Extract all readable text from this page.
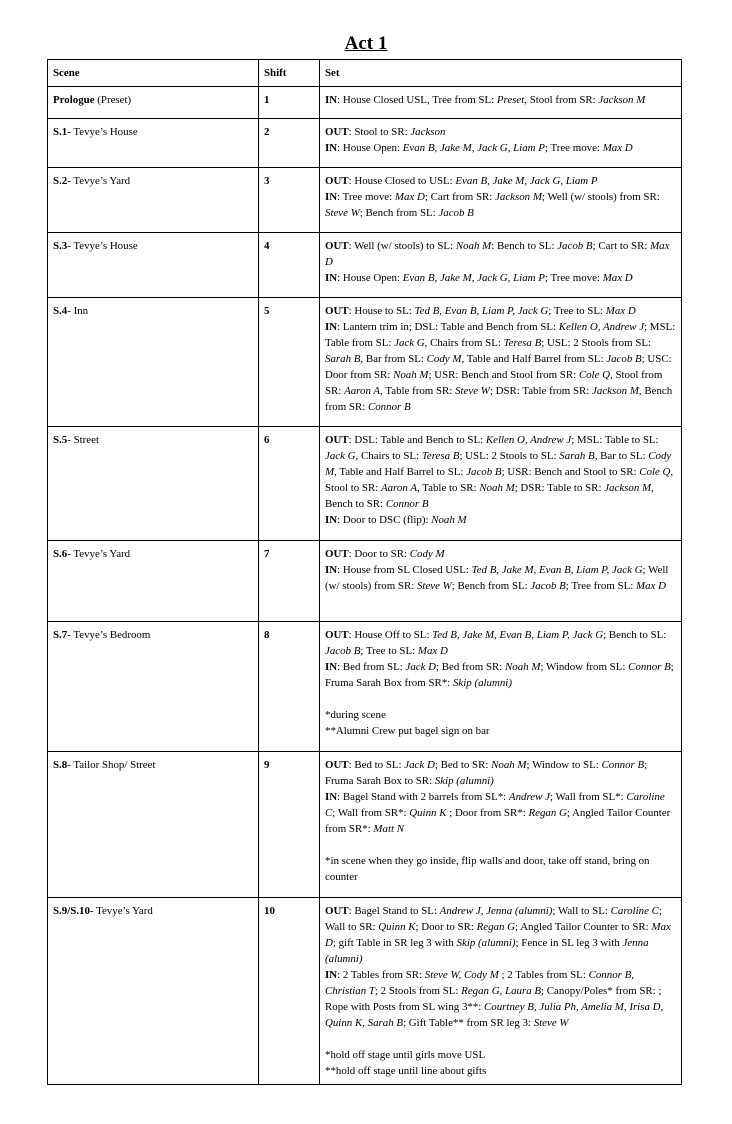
Act 1
Scene	Shift	Set
Prologue (Preset)	1	IN: House Closed USL, Tree from SL: Preset, Stool from SR: Jackson M

S.1- Tevye’s House	2	OUT: Stool to SR: Jackson
IN: House Open: Evan B, Jake M, Jack G, Liam P; Tree move: Max D

S.2- Tevye’s Yard	3	OUT: House Closed to USL: Evan B, Jake M, Jack G, Liam P
IN: Tree move: Max D; Cart from SR: Jackson M; Well (w/ stools) from SR: Steve W; Bench from SL: Jacob B

S.3- Tevye’s House	4	OUT: Well (w/ stools) to SL: Noah M: Bench to SL: Jacob B; Cart to SR: Max D
IN: House Open: Evan B, Jake M, Jack G, Liam P; Tree move: Max D

S.4- Inn	5	OUT: House to SL: Ted B, Evan B, Liam P, Jack G; Tree to SL: Max D
IN: Lantern trim in; DSL: Table and Bench from SL: Kellen O, Andrew J; MSL: Table from SL: Jack G, Chairs from SL: Teresa B; USL: 2 Stools from SL: Sarah B, Bar from SL: Cody M, Table and Half Barrel from SL: Jacob B; USC: Door from SR: Noah M; USR: Bench and Stool from SR: Cole Q, Stool from SR: Aaron A, Table from SR: Steve W; DSR: Table from SR: Jackson M, Bench from SR: Connor B

S.5- Street	6	OUT: DSL: Table and Bench to SL: Kellen O, Andrew J; MSL: Table to SL: Jack G, Chairs to SL: Teresa B; USL: 2 Stools to SL: Sarah B, Bar to SL: Cody M, Table and Half Barrel to SL: Jacob B; USR: Bench and Stool to SR: Cole Q, Stool to SR: Aaron A, Table to SR: Noah M; DSR: Table to SR: Jackson M, Bench to SR: Connor B
IN: Door to DSC (flip): Noah M

S.6- Tevye’s Yard	7	OUT: Door to SR: Cody M
IN: House from SL Closed USL: Ted B, Jake M, Evan B, Liam P, Jack G; Well (w/ stools) from SR: Steve W; Bench from SL: Jacob B; Tree from SL: Max D

S.7- Tevye’s Bedroom	8	OUT: House Off to SL: Ted B, Jake M, Evan B, Liam P, Jack G; Bench to SL: Jacob B; Tree to SL: Max D
IN: Bed from SL: Jack D; Bed from SR: Noah M; Window from SL: Connor B; Fruma Sarah Box from SR*: Skip (alumni)
*during scene
**Alumni Crew put bagel sign on bar

S.8- Tailor Shop/ Street	9	OUT: Bed to SL: Jack D; Bed to SR: Noah M; Window to SL: Connor B; Fruma Sarah Box to SR: Skip (alumni)
IN: Bagel Stand with 2 barrels from SL*: Andrew J; Wall from SL*: Caroline C; Wall from SR*: Quinn K ; Door from SR*: Regan G; Angled Tailor Counter from SR*: Matt N
*in scene when they go inside, flip walls and door, take off stand, bring on counter

S.9/S.10- Tevye’s Yard	10	OUT: Bagel Stand to SL: Andrew J, Jenna (alumni); Wall to SL: Caroline C; Wall to SR: Quinn K; Door to SR: Regan G; Angled Tailor Counter to SR: Max D; gift Table in SR leg 3 with Skip (alumni); Fence in SL leg 3 with Jenna (alumni)
IN: 2 Tables from SR: Steve W, Cody M ; 2 Tables from SL: Connor B, Christian T; 2 Stools from SL: Regan G, Laura B; Canopy/Poles* from SR: ; Rope with Posts from SL wing 3**: Courtney B, Julia Ph, Amelia M, Irisa D, Quinn K, Sarah B; Gift Table** from SR leg 3: Steve W
*hold off stage until girls move USL
**hold off stage until line about gifts
